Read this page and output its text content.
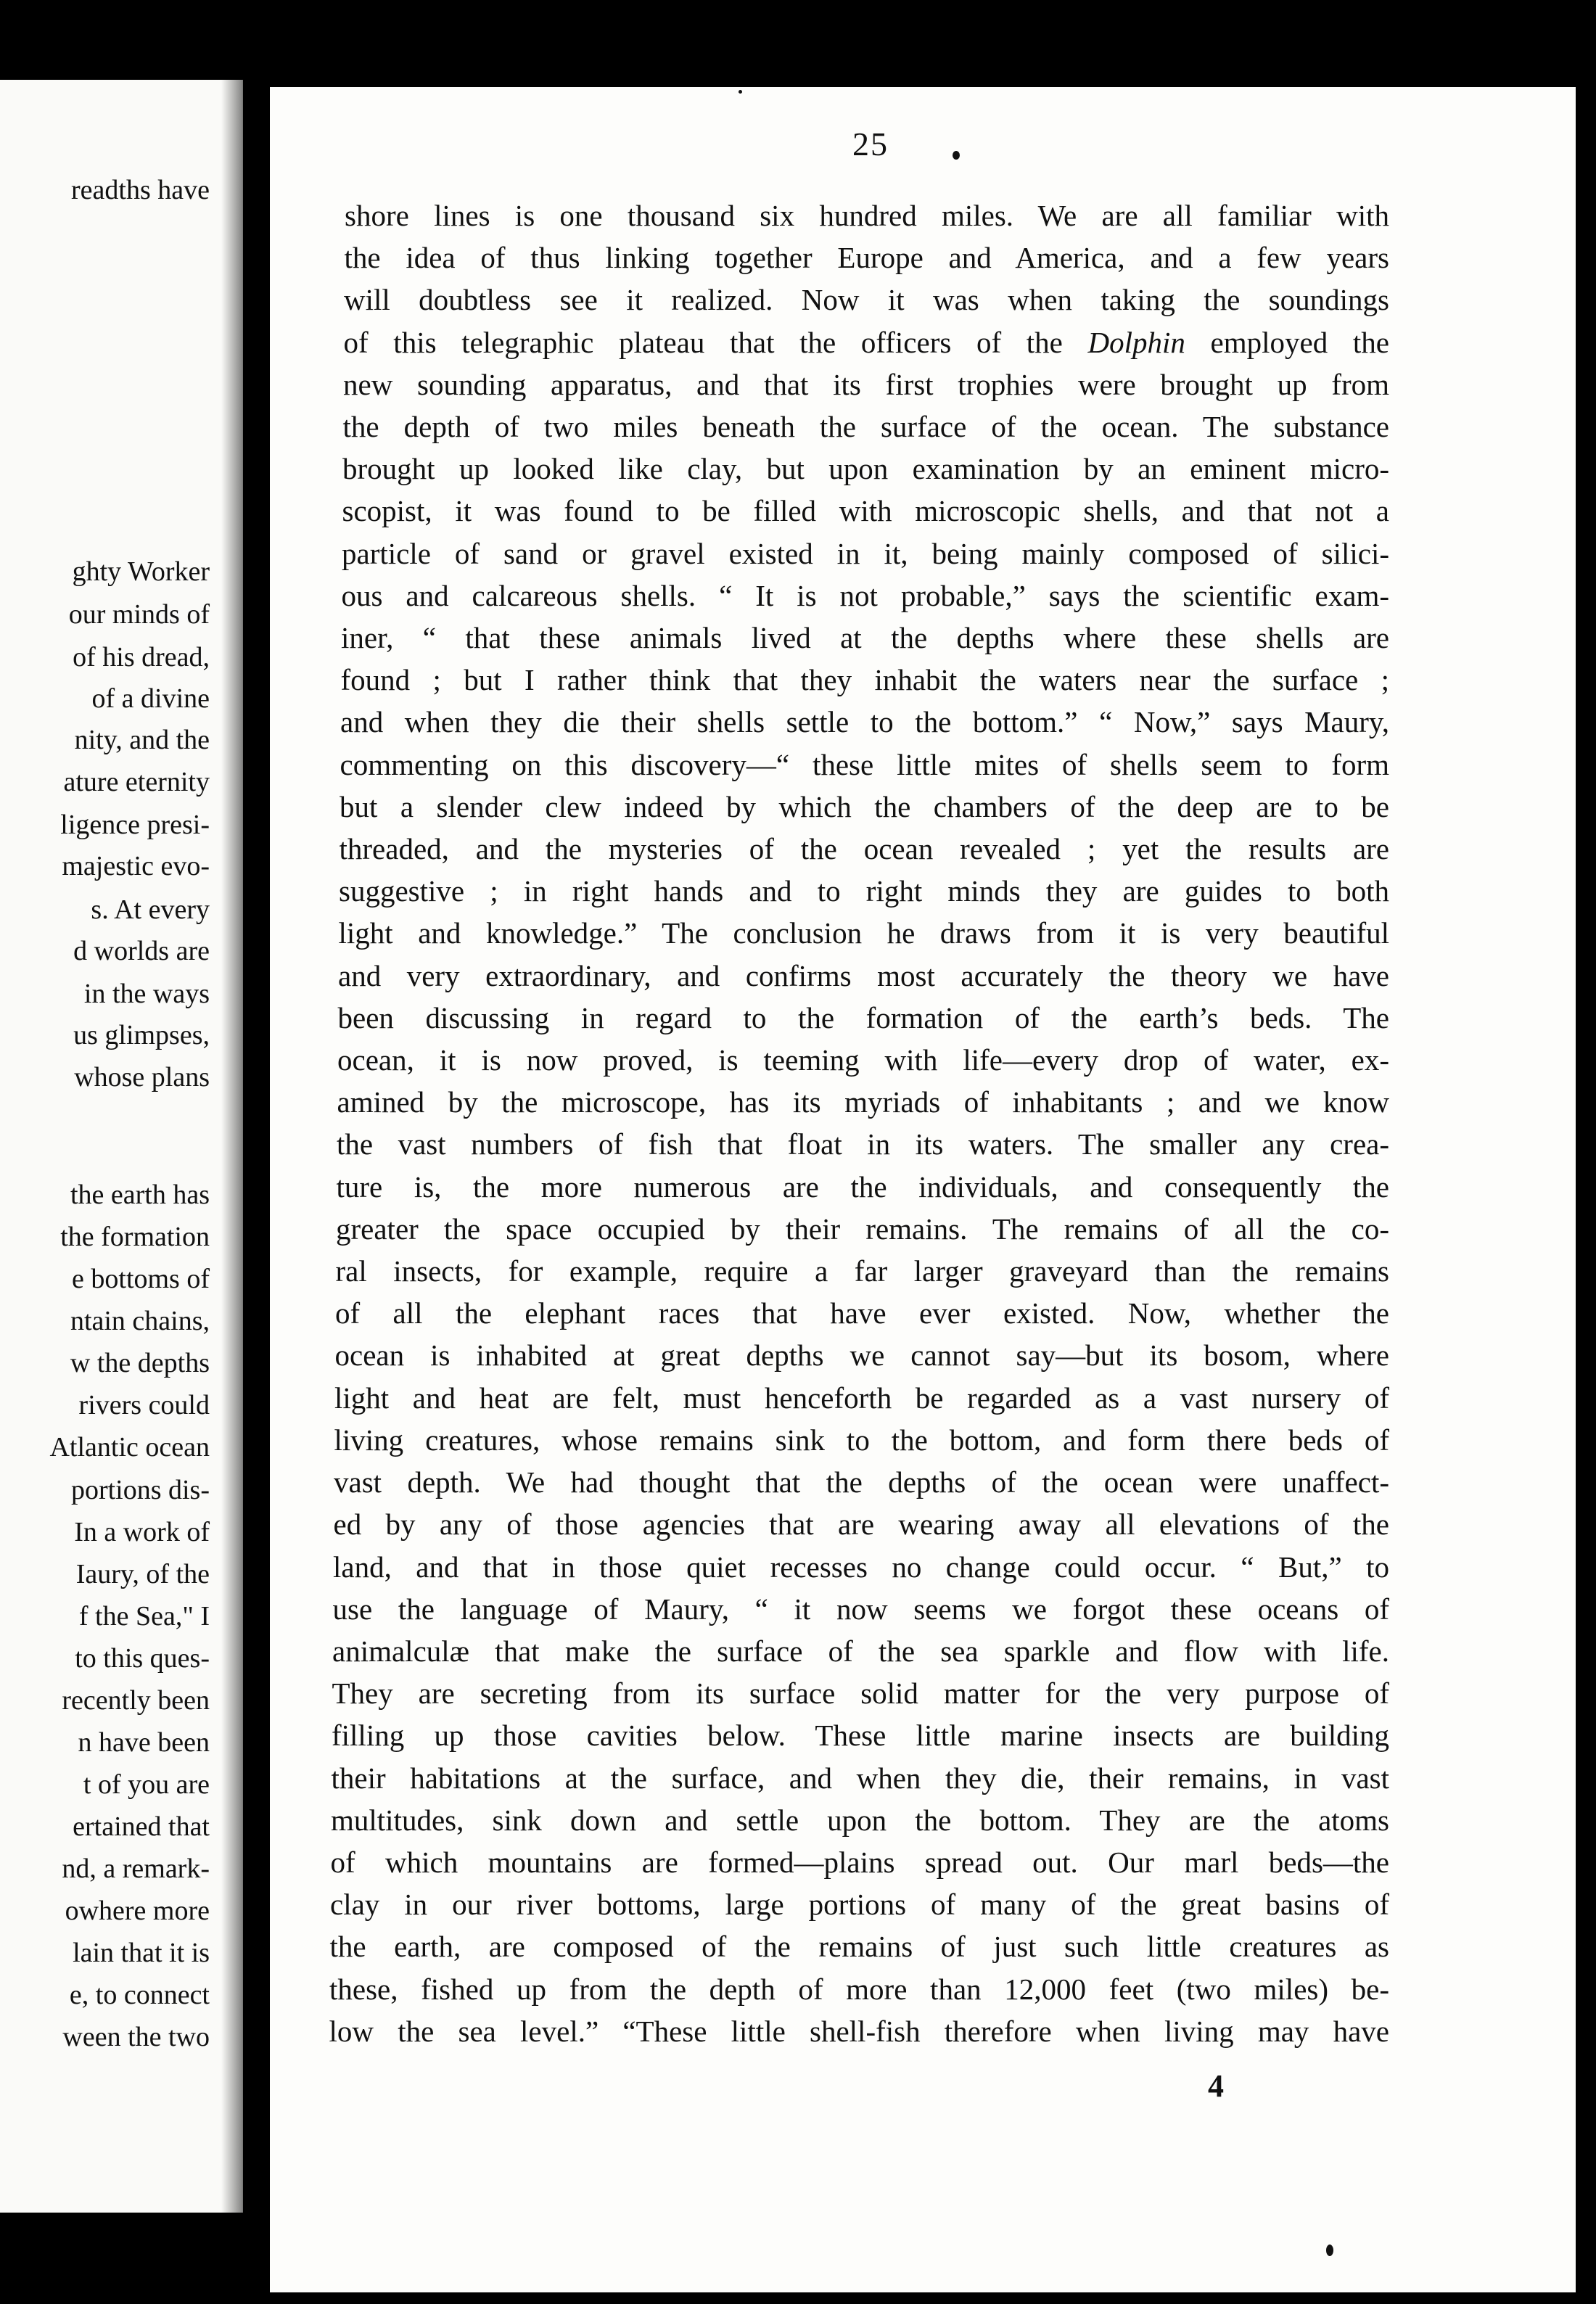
readths have
ghty Worker
our minds of
of his dread,
of a divine
nity, and the
ature eternity
ligence presi-
majestic evo-
s. At every
d worlds are
in the ways
us glimpses,
whose plans
the earth has
the formation
e bottoms of
ntain chains,
w the depths
rivers could
Atlantic ocean
portions dis-
In a work of
Iaury, of the
f the Sea," I
to this ques-
recently been
n have been
t of you are
ertained that
nd, a remark-
owhere more
lain that it is
e, to connect
ween the two
25
shore lines is one thousand six hundred miles. We are all familiar with
the idea of thus linking together Europe and America, and a few years
will doubtless see it realized. Now it was when taking the soundings
of this telegraphic plateau that the officers of the Dolphin employed the
new sounding apparatus, and that its first trophies were brought up from
the depth of two miles beneath the surface of the ocean. The substance
brought up looked like clay, but upon examination by an eminent micro-
scopist, it was found to be filled with microscopic shells, and that not a
particle of sand or gravel existed in it, being mainly composed of silici-
ous and calcareous shells. “ It is not probable,” says the scientific exam-
iner, “ that these animals lived at the depths where these shells are
found ; but I rather think that they inhabit the waters near the surface ;
and when they die their shells settle to the bottom.” “ Now,” says Maury,
commenting on this discovery—“ these little mites of shells seem to form
but a slender clew indeed by which the chambers of the deep are to be
threaded, and the mysteries of the ocean revealed ; yet the results are
suggestive ; in right hands and to right minds they are guides to both
light and knowledge.” The conclusion he draws from it is very beautiful
and very extraordinary, and confirms most accurately the theory we have
been discussing in regard to the formation of the earth’s beds. The
ocean, it is now proved, is teeming with life—every drop of water, ex-
amined by the microscope, has its myriads of inhabitants ; and we know
the vast numbers of fish that float in its waters. The smaller any crea-
ture is, the more numerous are the individuals, and consequently the
greater the space occupied by their remains. The remains of all the co-
ral insects, for example, require a far larger graveyard than the remains
of all the elephant races that have ever existed. Now, whether the
ocean is inhabited at great depths we cannot say—but its bosom, where
light and heat are felt, must henceforth be regarded as a vast nursery of
living creatures, whose remains sink to the bottom, and form there beds of
vast depth. We had thought that the depths of the ocean were unaffect-
ed by any of those agencies that are wearing away all elevations of the
land, and that in those quiet recesses no change could occur. “ But,” to
use the language of Maury, “ it now seems we forgot these oceans of
animalculæ that make the surface of the sea sparkle and flow with life.
They are secreting from its surface solid matter for the very purpose of
filling up those cavities below. These little marine insects are building
their habitations at the surface, and when they die, their remains, in vast
multitudes, sink down and settle upon the bottom. They are the atoms
of which mountains are formed—plains spread out. Our marl beds—the
clay in our river bottoms, large portions of many of the great basins of
the earth, are composed of the remains of just such little creatures as
these, fished up from the depth of more than 12,000 feet (two miles) be-
low the sea level.” “These little shell-fish therefore when living may have
4
